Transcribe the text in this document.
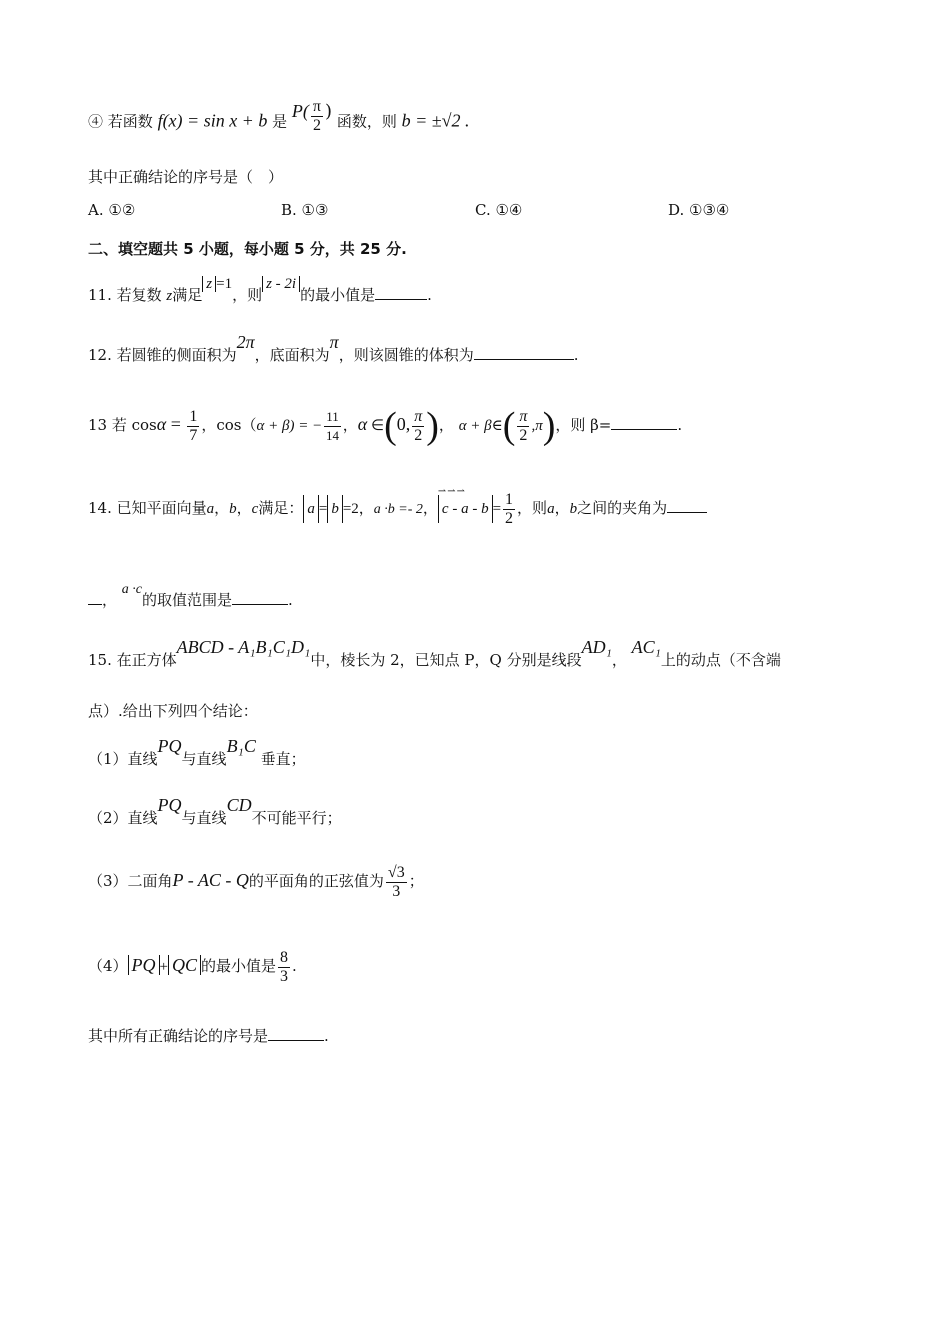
④ 若函数 f(x) = sin x + b 是 $P( \frac{\pi}{2}$ ) 函数，则 b = ±√2 .
其中正确结论的序号是（　）
A. ①②	B. ①③	C. ①④	D. ①③④
二、填空题共 5 小题，每小题 5 分，共 25 分.
11. 若复数 z满足z =1，则z - 2i的最小值是	.
12. 若圆锥的侧面积为2π，底面积为π，则该圆锥的体积为	.
13 若 $\cos\alpha = \frac{1}{7}$ ，cos（α + β) = − $\frac{11}{14}$ ，α ∈(0, $\frac{\pi}{2}$ )， α + β∈( $\frac{\pi}{2} ,\pi$)，则 β=	.
14. 已知平面向量a，b，c满足： a = b =2，a ·b =- 2，
⇀⇀⇀
$c - a - b = \frac{1}{2}$ ，则a，b之间的夹角为
， a ·c的取值范围是	.
15. 在正方体ABCD - A₁B₁C₁D₁中，棱长为 2，已知点 P，Q 分别是线段AD₁， AC₁上的动点（不含端
点）.给出下列四个结论：
（1）直线PQ与直线B₁C 垂直；
（2）直线PQ与直线CD不可能平行；
（3）二面角P - AC - Q的平面角的正弦值为 $\frac{√3}{3}$ ；
（4） PQ + QC 的最小值是 $\frac{8}{3}$ .
其中所有正确结论的序号是	.
